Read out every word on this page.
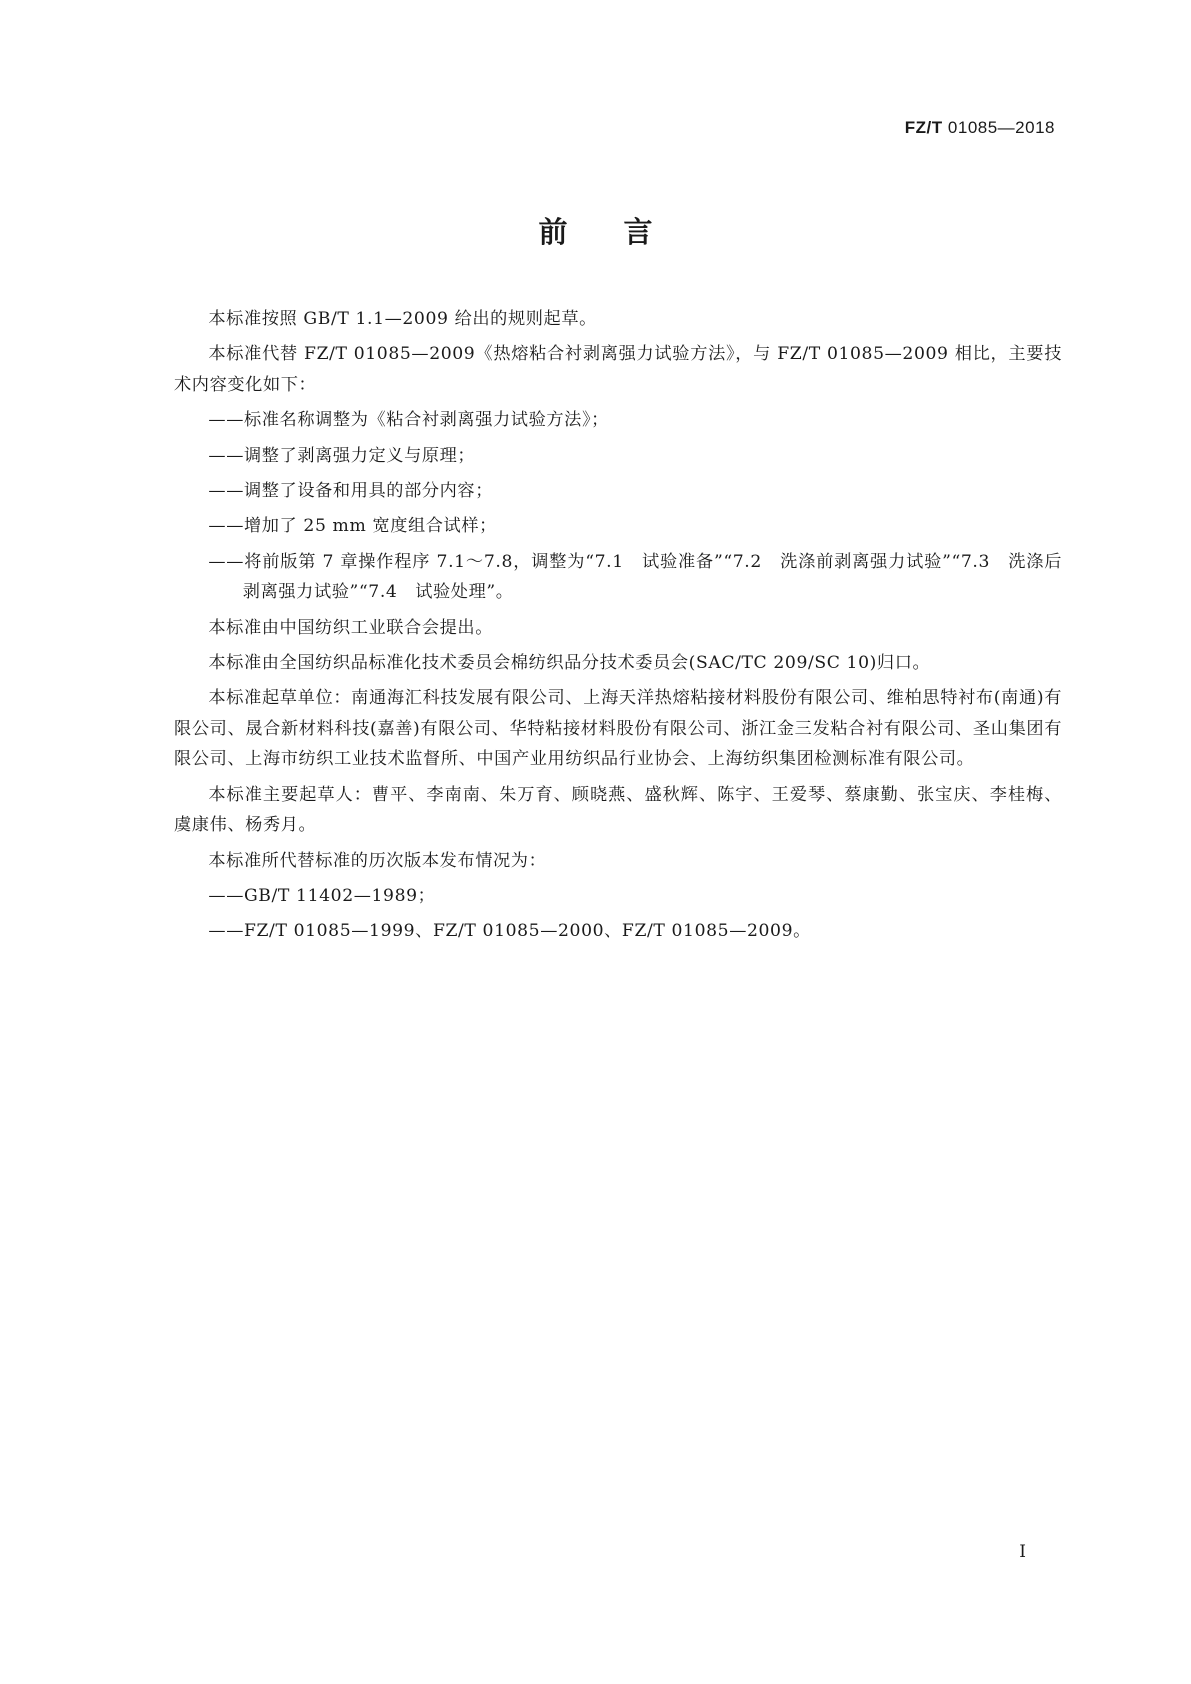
FZ/T 01085—2018
前言

本标准按照 GB/T 1.1—2009 给出的规则起草。

本标准代替 FZ/T 01085—2009《热熔粘合衬剥离强力试验方法》，与 FZ/T 01085—2009 相比，主要技术内容变化如下：

——标准名称调整为《粘合衬剥离强力试验方法》；

——调整了剥离强力定义与原理；

——调整了设备和用具的部分内容；

——增加了 25 mm 宽度组合试样；

——将前版第 7 章操作程序 7.1～7.8，调整为“7.1　试验准备”“7.2　洗涤前剥离强力试验”“7.3　洗涤后剥离强力试验”“7.4　试验处理”。

本标准由中国纺织工业联合会提出。

本标准由全国纺织品标准化技术委员会棉纺织品分技术委员会(SAC/TC 209/SC 10)归口。

本标准起草单位：南通海汇科技发展有限公司、上海天洋热熔粘接材料股份有限公司、维柏思特衬布(南通)有限公司、晟合新材料科技(嘉善)有限公司、华特粘接材料股份有限公司、浙江金三发粘合衬有限公司、圣山集团有限公司、上海市纺织工业技术监督所、中国产业用纺织品行业协会、上海纺织集团检测标准有限公司。

本标准主要起草人：曹平、李南南、朱万育、顾晓燕、盛秋辉、陈宇、王爱琴、蔡康勤、张宝庆、李桂梅、虞康伟、杨秀月。

本标准所代替标准的历次版本发布情况为：

——GB/T 11402—1989；

——FZ/T 01085—1999、FZ/T 01085—2000、FZ/T 01085—2009。

I
